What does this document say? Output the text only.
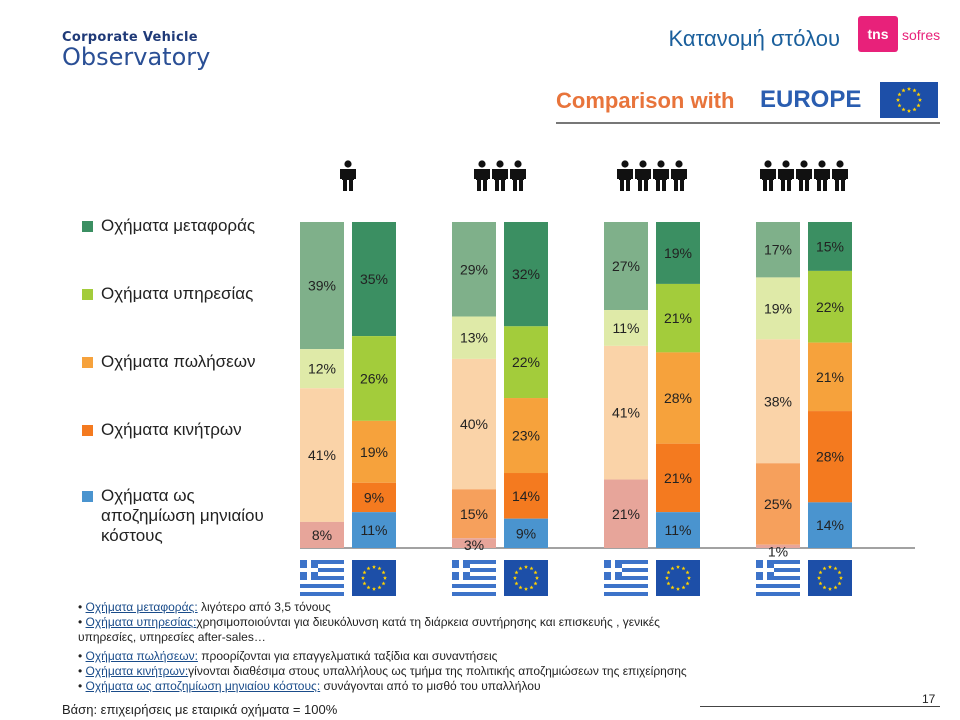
Corporate Vehicle
Observatory
Κατανομή στόλου	tns sofres
Comparison with EUROPE
Οχήματα μεταφοράς
Οχήματα υπηρεσίας
Οχήματα πωλήσεων
Οχήματα κινήτρων
Οχήματα ως αποζημίωση μηνιαίου κόστους
39%
12%
41%
8%
35%
26%
19%
9%
11%
29%
13%
40%
15%
3%
32%
22%
23%
14%
9%
27%
11%
41%
21%
19%
21%
28%
21%
11%
17%
19%
38%
25%
1%
15%
22%
21%
28%
14%
• Οχήματα μεταφοράς: λιγότερο από 3,5 τόνους
• Οχήματα υπηρεσίας:χρησιμοποιούνται για διευκόλυνση κατά τη διάρκεια συντήρησης και επισκευής , γενικές
υπηρεσίες, υπηρεσίες after-sales…
• Οχήματα πωλήσεων: προορίζονται για επαγγελματικά ταξίδια και συναντήσεις
• Οχήματα κινήτρων:γίνονται διαθέσιμα στους υπαλλήλους ως τμήμα της πολιτικής αποζημιώσεων της επιχείρησης
• Οχήματα ως αποζημίωση μηνιαίου κόστους: συνάγονται από το μισθό του υπαλλήλου
Βάση: επιχειρήσεις με εταιρικά οχήματα = 100%
17
